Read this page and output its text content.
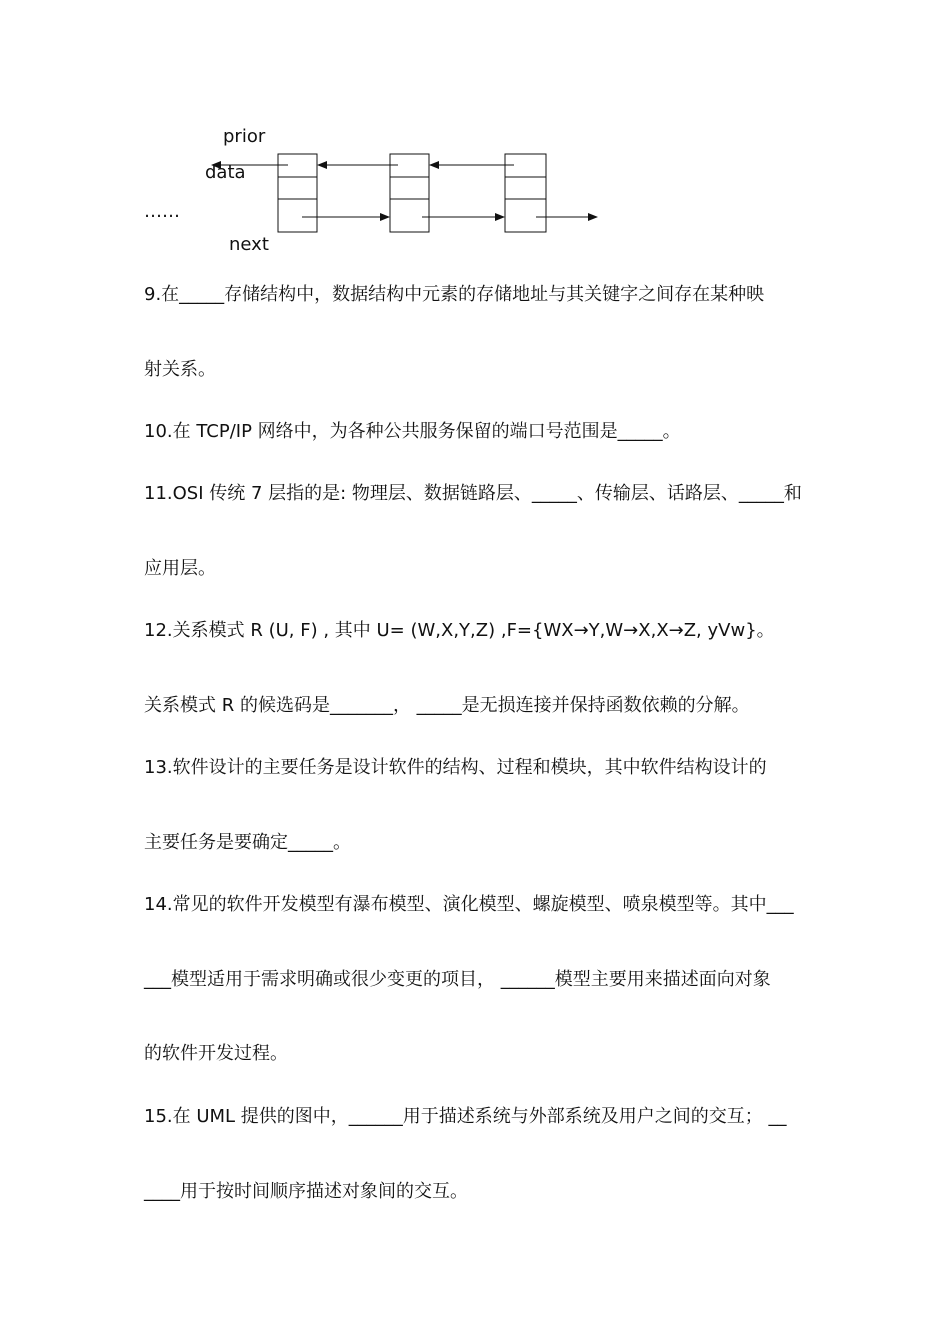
prior
data
……
next
9.在_____存储结构中，数据结构中元素的存储地址与其关键字之间存在某种映
射关系。
10.在 TCP/IP 网络中，为各种公共服务保留的端口号范围是_____。
11.OSI 传统 7 层指的是: 物理层、数据链路层、_____、传输层、话路层、_____和
应用层。
12.关系模式 R (U, F) , 其中 U= (W,X,Y,Z) ,F={WX→Y,W→X,X→Z, yVw}。
关系模式 R 的候选码是_______， _____是无损连接并保持函数依赖的分解。
13.软件设计的主要任务是设计软件的结构、过程和模块，其中软件结构设计的
主要任务是要确定_____。
14.常见的软件开发模型有瀑布模型、演化模型、螺旋模型、喷泉模型等。其中___
___模型适用于需求明确或很少变更的项目， ______模型主要用来描述面向对象
的软件开发过程。
15.在 UML 提供的图中，______用于描述系统与外部系统及用户之间的交互； __
____用于按时间顺序描述对象间的交互。
